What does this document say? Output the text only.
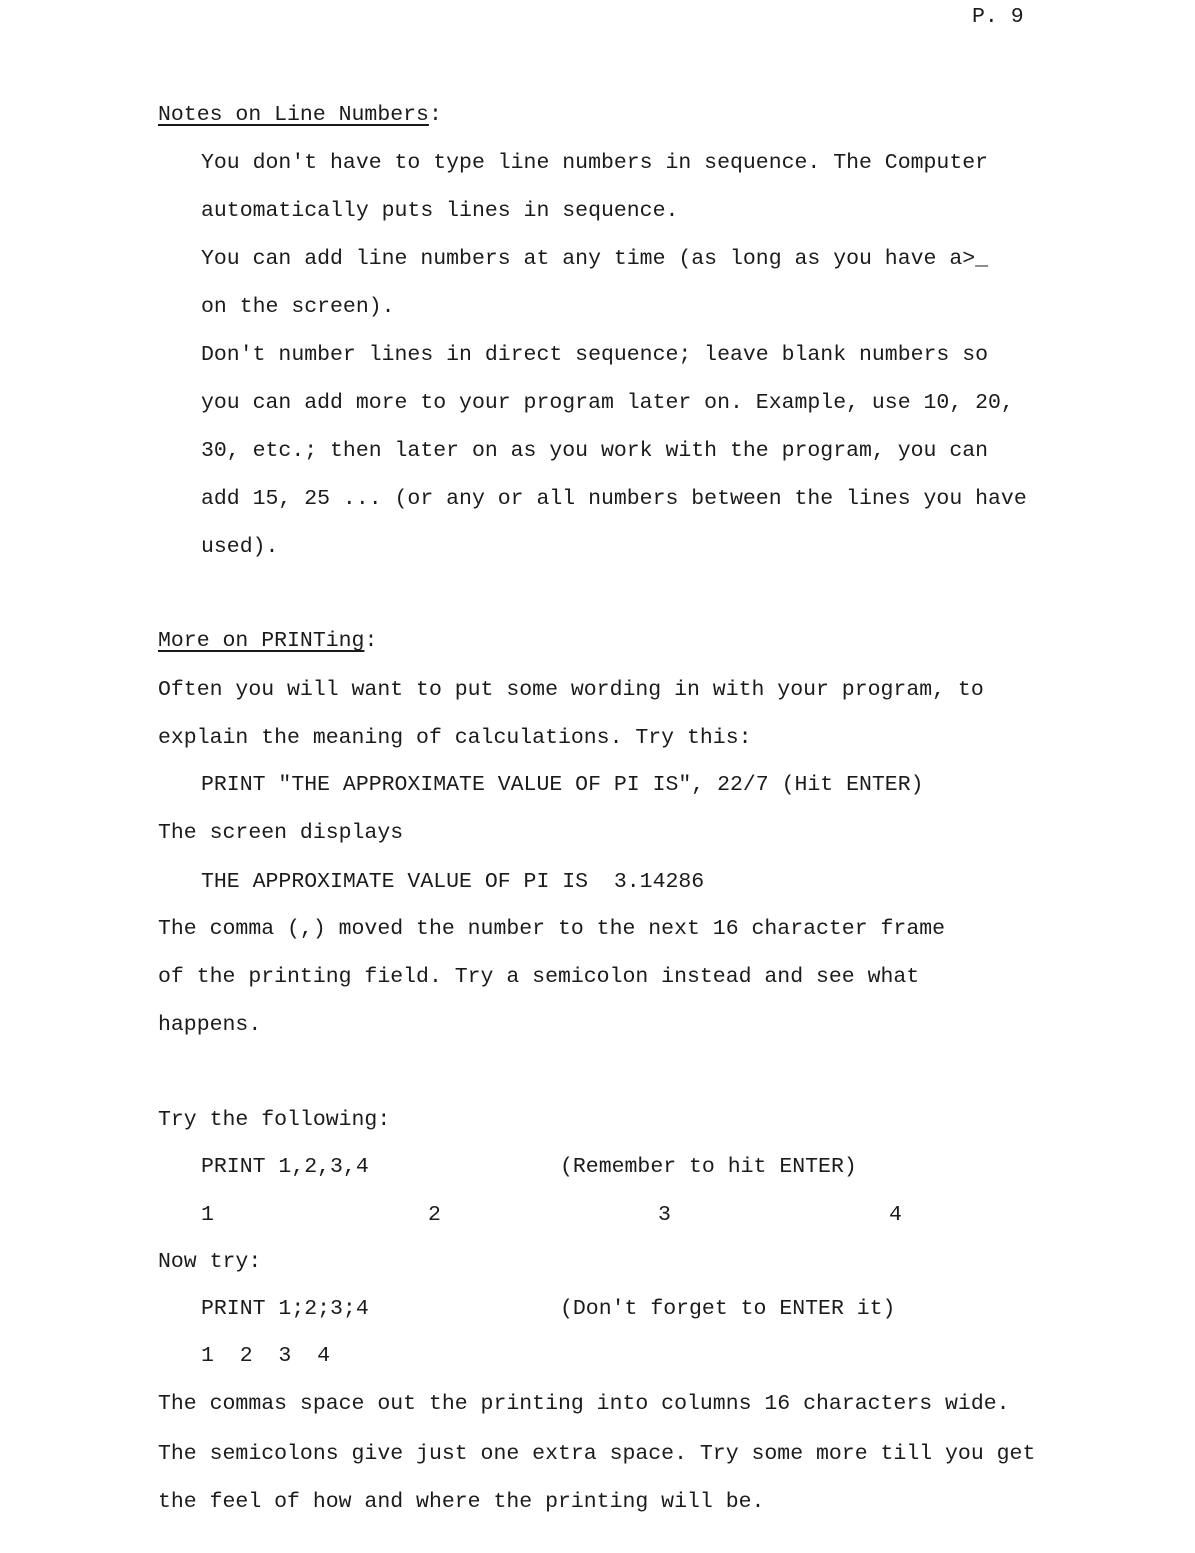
P. 9
Notes on Line Numbers:
You don't have to type line numbers in sequence. The Computer
automatically puts lines in sequence.
You can add line numbers at any time (as long as you have a>_
on the screen).
Don't number lines in direct sequence; leave blank numbers so
you can add more to your program later on. Example, use 10, 20,
30, etc.; then later on as you work with the program, you can
add 15, 25 ... (or any or all numbers between the lines you have
used).
More on PRINTing:
Often you will want to put some wording in with your program, to
explain the meaning of calculations. Try this:
PRINT "THE APPROXIMATE VALUE OF PI IS", 22/7 (Hit ENTER)
The screen displays
THE APPROXIMATE VALUE OF PI IS  3.14286
The comma (,) moved the number to the next 16 character frame
of the printing field. Try a semicolon instead and see what
happens.
Try the following:
PRINT 1,2,3,4	(Remember to hit ENTER)
1	2	3	4
Now try:
PRINT 1;2;3;4	(Don't forget to ENTER it)
1  2  3  4
The commas space out the printing into columns 16 characters wide.
The semicolons give just one extra space. Try some more till you get
the feel of how and where the printing will be.
